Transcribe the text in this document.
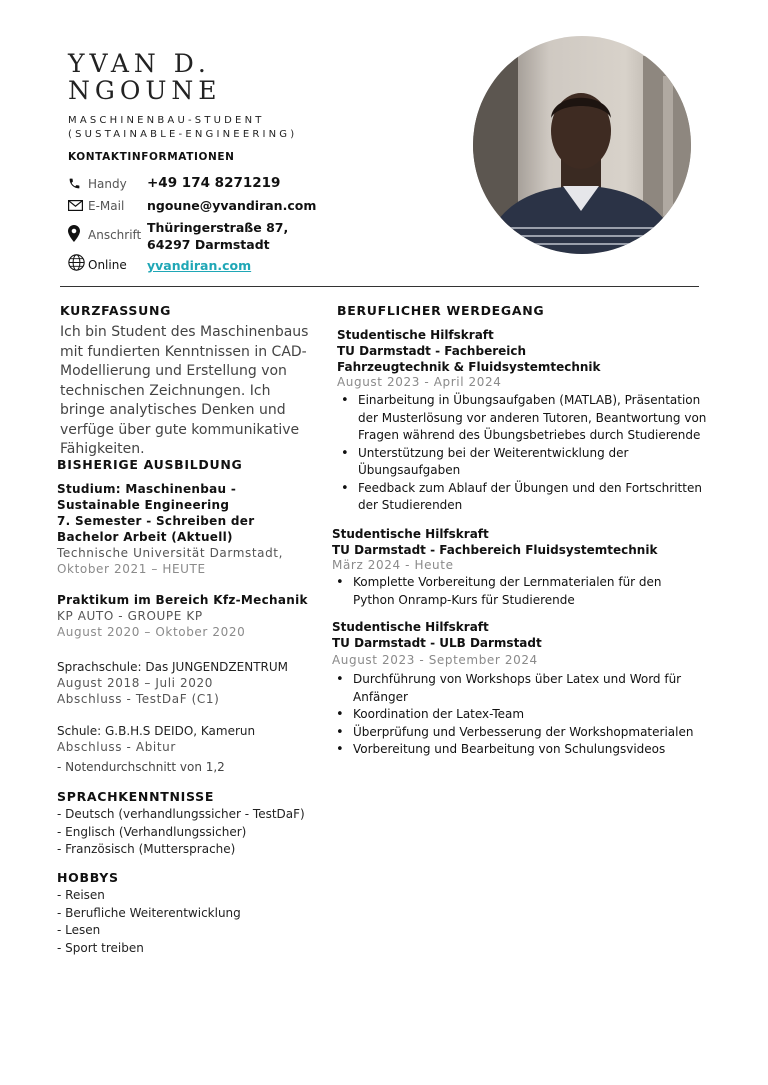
YVAN D.
NGOUNE
MASCHINENBAU-STUDENT
(SUSTAINABLE-ENGINEERING)
KONTAKTINFORMATIONEN
Handy	+49 174 8271219
E-Mail	ngoune@yvandiran.com
Anschrift Thüringerstraße 87,
64297 Darmstadt
Online	yvandiran.com
KURZFASSUNG
Ich bin Student des Maschinenbaus mit fundierten Kenntnissen in CAD-Modellierung und Erstellung von technischen Zeichnungen. Ich bringe analytisches Denken und verfüge über gute kommunikative Fähigkeiten.
BISHERIGE AUSBILDUNG
Studium: Maschinenbau - Sustainable Engineering
7. Semester - Schreiben der Bachelor Arbeit (Aktuell)
Technische Universität Darmstadt,
Oktober 2021 – HEUTE
Praktikum im Bereich Kfz-Mechanik
KP AUTO - GROUPE KP
August 2020 – Oktober 2020
Sprachschule: Das JUNGENDZENTRUM
August 2018 – Juli 2020
Abschluss - TestDaF (C1)
Schule: G.B.H.S DEIDO, Kamerun
Abschluss - Abitur
- Notendurchschnitt von 1,2
SPRACHKENNTNISSE
- Deutsch (verhandlungssicher - TestDaF)
- Englisch (Verhandlungssicher)
- Französisch (Muttersprache)
HOBBYS
- Reisen
- Berufliche Weiterentwicklung
- Lesen
- Sport treiben
BERUFLICHER WERDEGANG
Studentische Hilfskraft
TU Darmstadt - Fachbereich Fahrzeugtechnik & Fluidsystemtechnik
August 2023 - April 2024
• Einarbeitung in Übungsaufgaben (MATLAB), Präsentation der Musterlösung vor anderen Tutoren, Beantwortung von Fragen während des Übungsbetriebes durch Studierende
• Unterstützung bei der Weiterentwicklung der Übungsaufgaben
• Feedback zum Ablauf der Übungen und den Fortschritten der Studierenden
Studentische Hilfskraft
TU Darmstadt - Fachbereich Fluidsystemtechnik
März 2024 - Heute
• Komplette Vorbereitung der Lernmaterialen für den Python Onramp-Kurs für Studierende
Studentische Hilfskraft
TU Darmstadt - ULB Darmstadt
August 2023 - September 2024
• Durchführung von Workshops über Latex und Word für Anfänger
• Koordination der Latex-Team
• Überprüfung und Verbesserung der Workshopmaterialen
• Vorbereitung und Bearbeitung von Schulungsvideos
